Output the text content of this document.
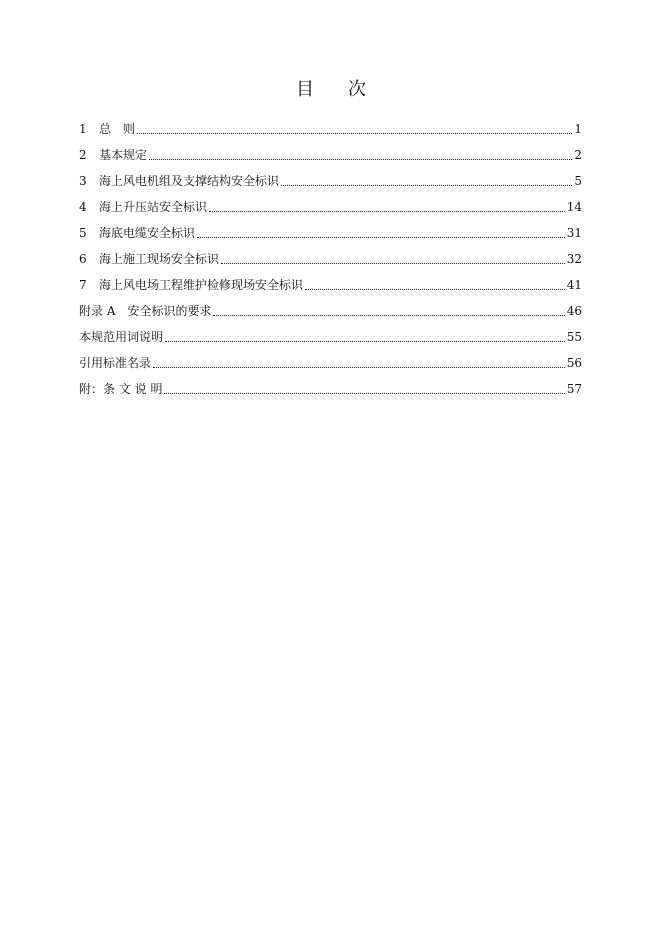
目 次
1	总　则	1
2	基本规定	2
3	海上风电机组及支撑结构安全标识	5
4	海上升压站安全标识	14
5	海底电缆安全标识	31
6	海上施工现场安全标识	32
7	海上风电场工程维护检修现场安全标识	41
附录 A　安全标识的要求	46
本规范用词说明	55
引用标准名录	56
附：条 文 说 明	57
